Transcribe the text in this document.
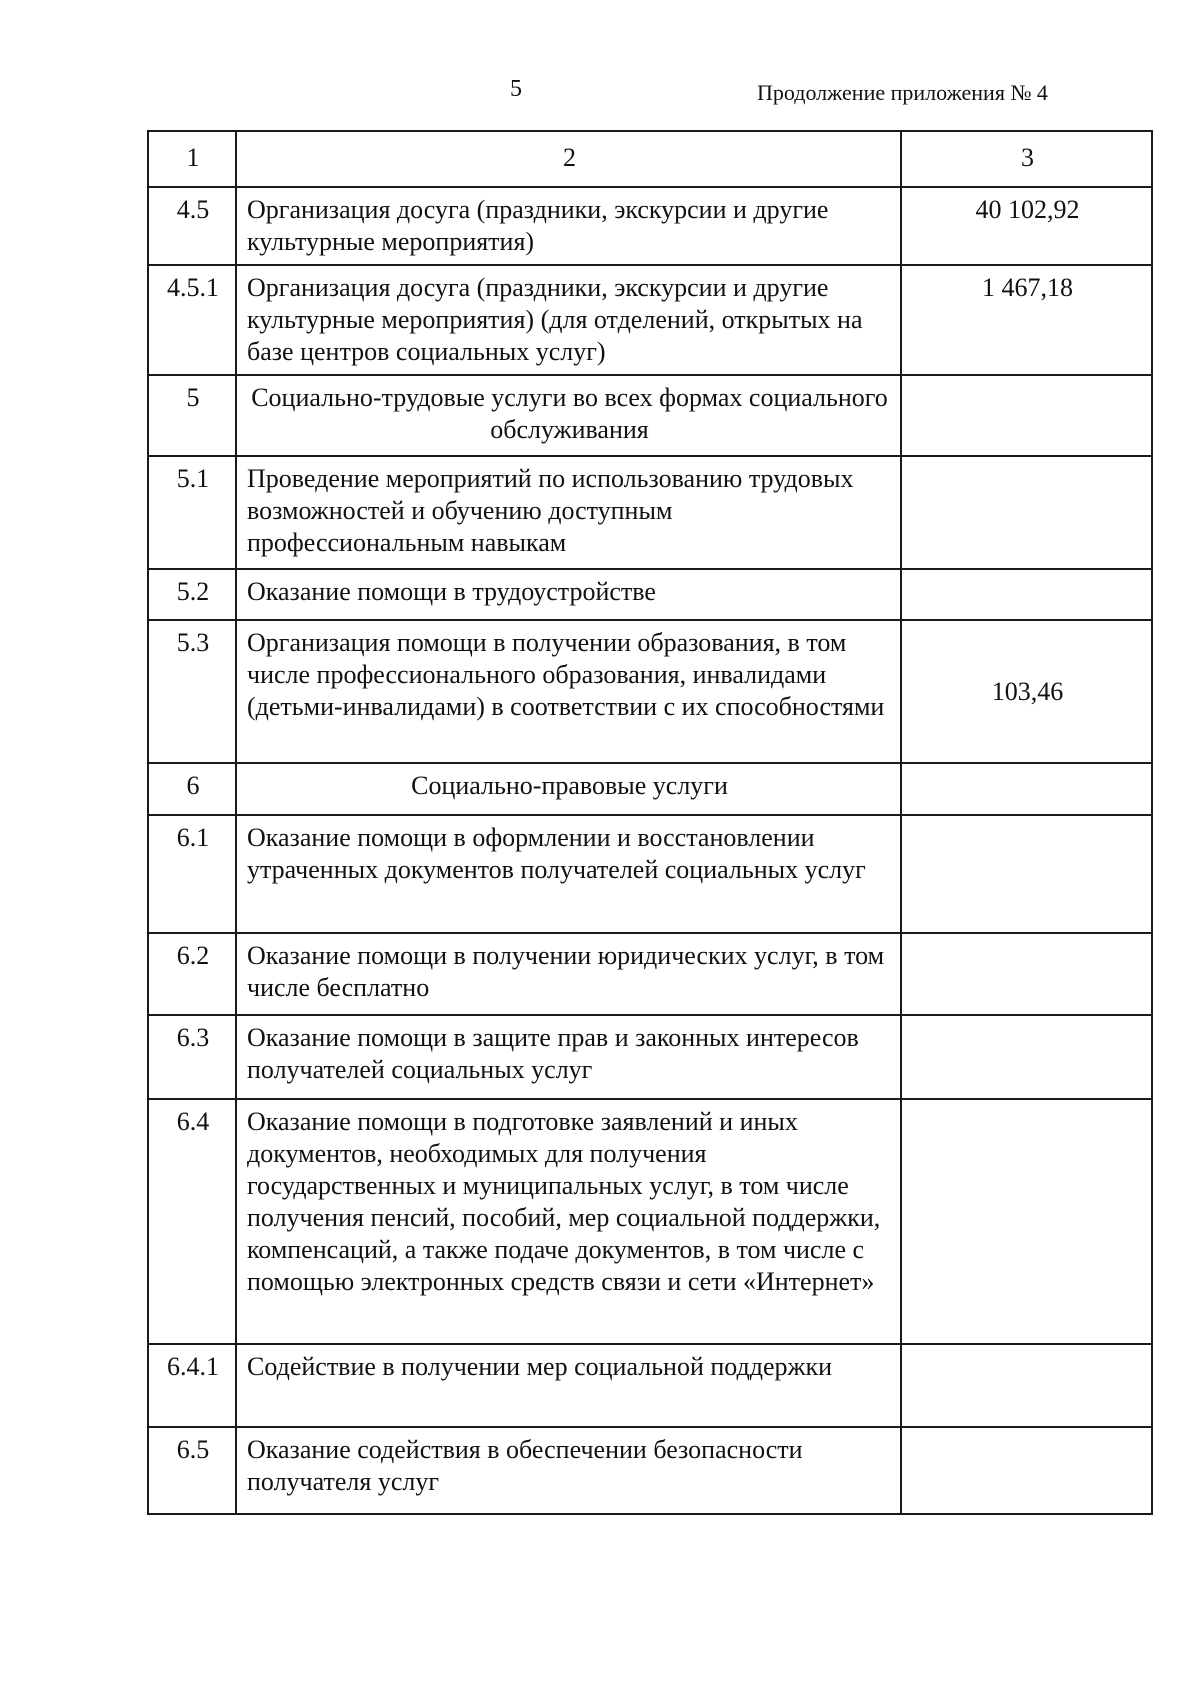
5	Продолжение приложения № 4
1	2	3
4.5	Организация досуга (праздники, экскурсии и другие культурные мероприятия)	40 102,92
4.5.1	Организация досуга (праздники, экскурсии и другие культурные мероприятия) (для отделений, открытых на базе центров социальных услуг)	1 467,18
5	Социально-трудовые услуги во всех формах социального обслуживания	
5.1	Проведение мероприятий по использованию трудовых возможностей и обучению доступным профессиональным навыкам	
5.2	Оказание помощи в трудоустройстве	
5.3	Организация помощи в получении образования, в том числе профессионального образования, инвалидами (детьми-инвалидами) в соответствии с их способностями	103,46
6	Социально-правовые услуги	
6.1	Оказание помощи в оформлении и восстановлении утраченных документов получателей социальных услуг	
6.2	Оказание помощи в получении юридических услуг, в том числе бесплатно	
6.3	Оказание помощи в защите прав и законных интересов получателей социальных услуг	
6.4	Оказание помощи в подготовке заявлений и иных документов, необходимых для получения государственных и муниципальных услуг, в том числе получения пенсий, пособий, мер социальной поддержки, компенсаций, а также подаче документов, в том числе с помощью электронных средств связи и сети «Интернет»	
6.4.1	Содействие в получении мер социальной поддержки	
6.5	Оказание содействия в обеспечении безопасности получателя услуг	
